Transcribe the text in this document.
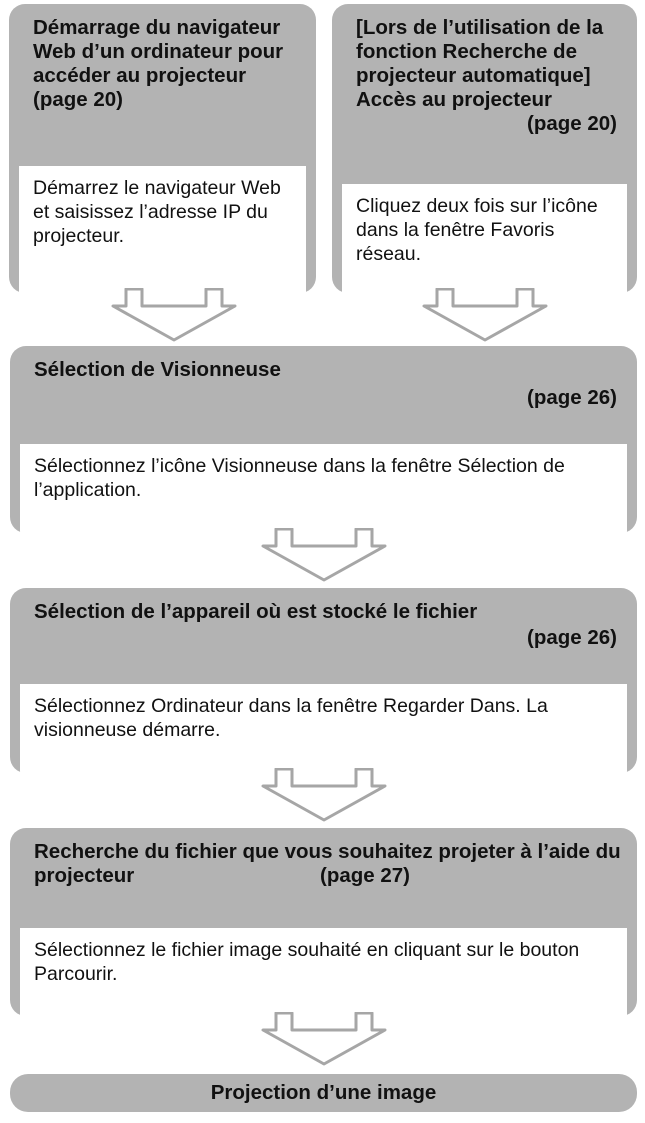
Démarrage du navigateur Web d’un ordinateur pour accéder au projecteur (page 20)
Démarrez le navigateur Web et saisissez l’adresse IP du projecteur.
[Lors de l’utilisation de la fonction Recherche de projecteur automatique] Accès au projecteur
(page 20)
Cliquez deux fois sur l’icône dans la fenêtre Favoris réseau.
Sélection de Visionneuse
(page 26)
Sélectionnez l’icône Visionneuse dans la fenêtre Sélection de l’application.
Sélection de l’appareil où est stocké le fichier
(page 26)
Sélectionnez Ordinateur dans la fenêtre Regarder Dans. La visionneuse démarre.
Recherche du fichier que vous souhaitez projeter à l’aide du projecteur	(page 27)
Sélectionnez le fichier image souhaité en cliquant sur le bouton Parcourir.
Projection d’une image
